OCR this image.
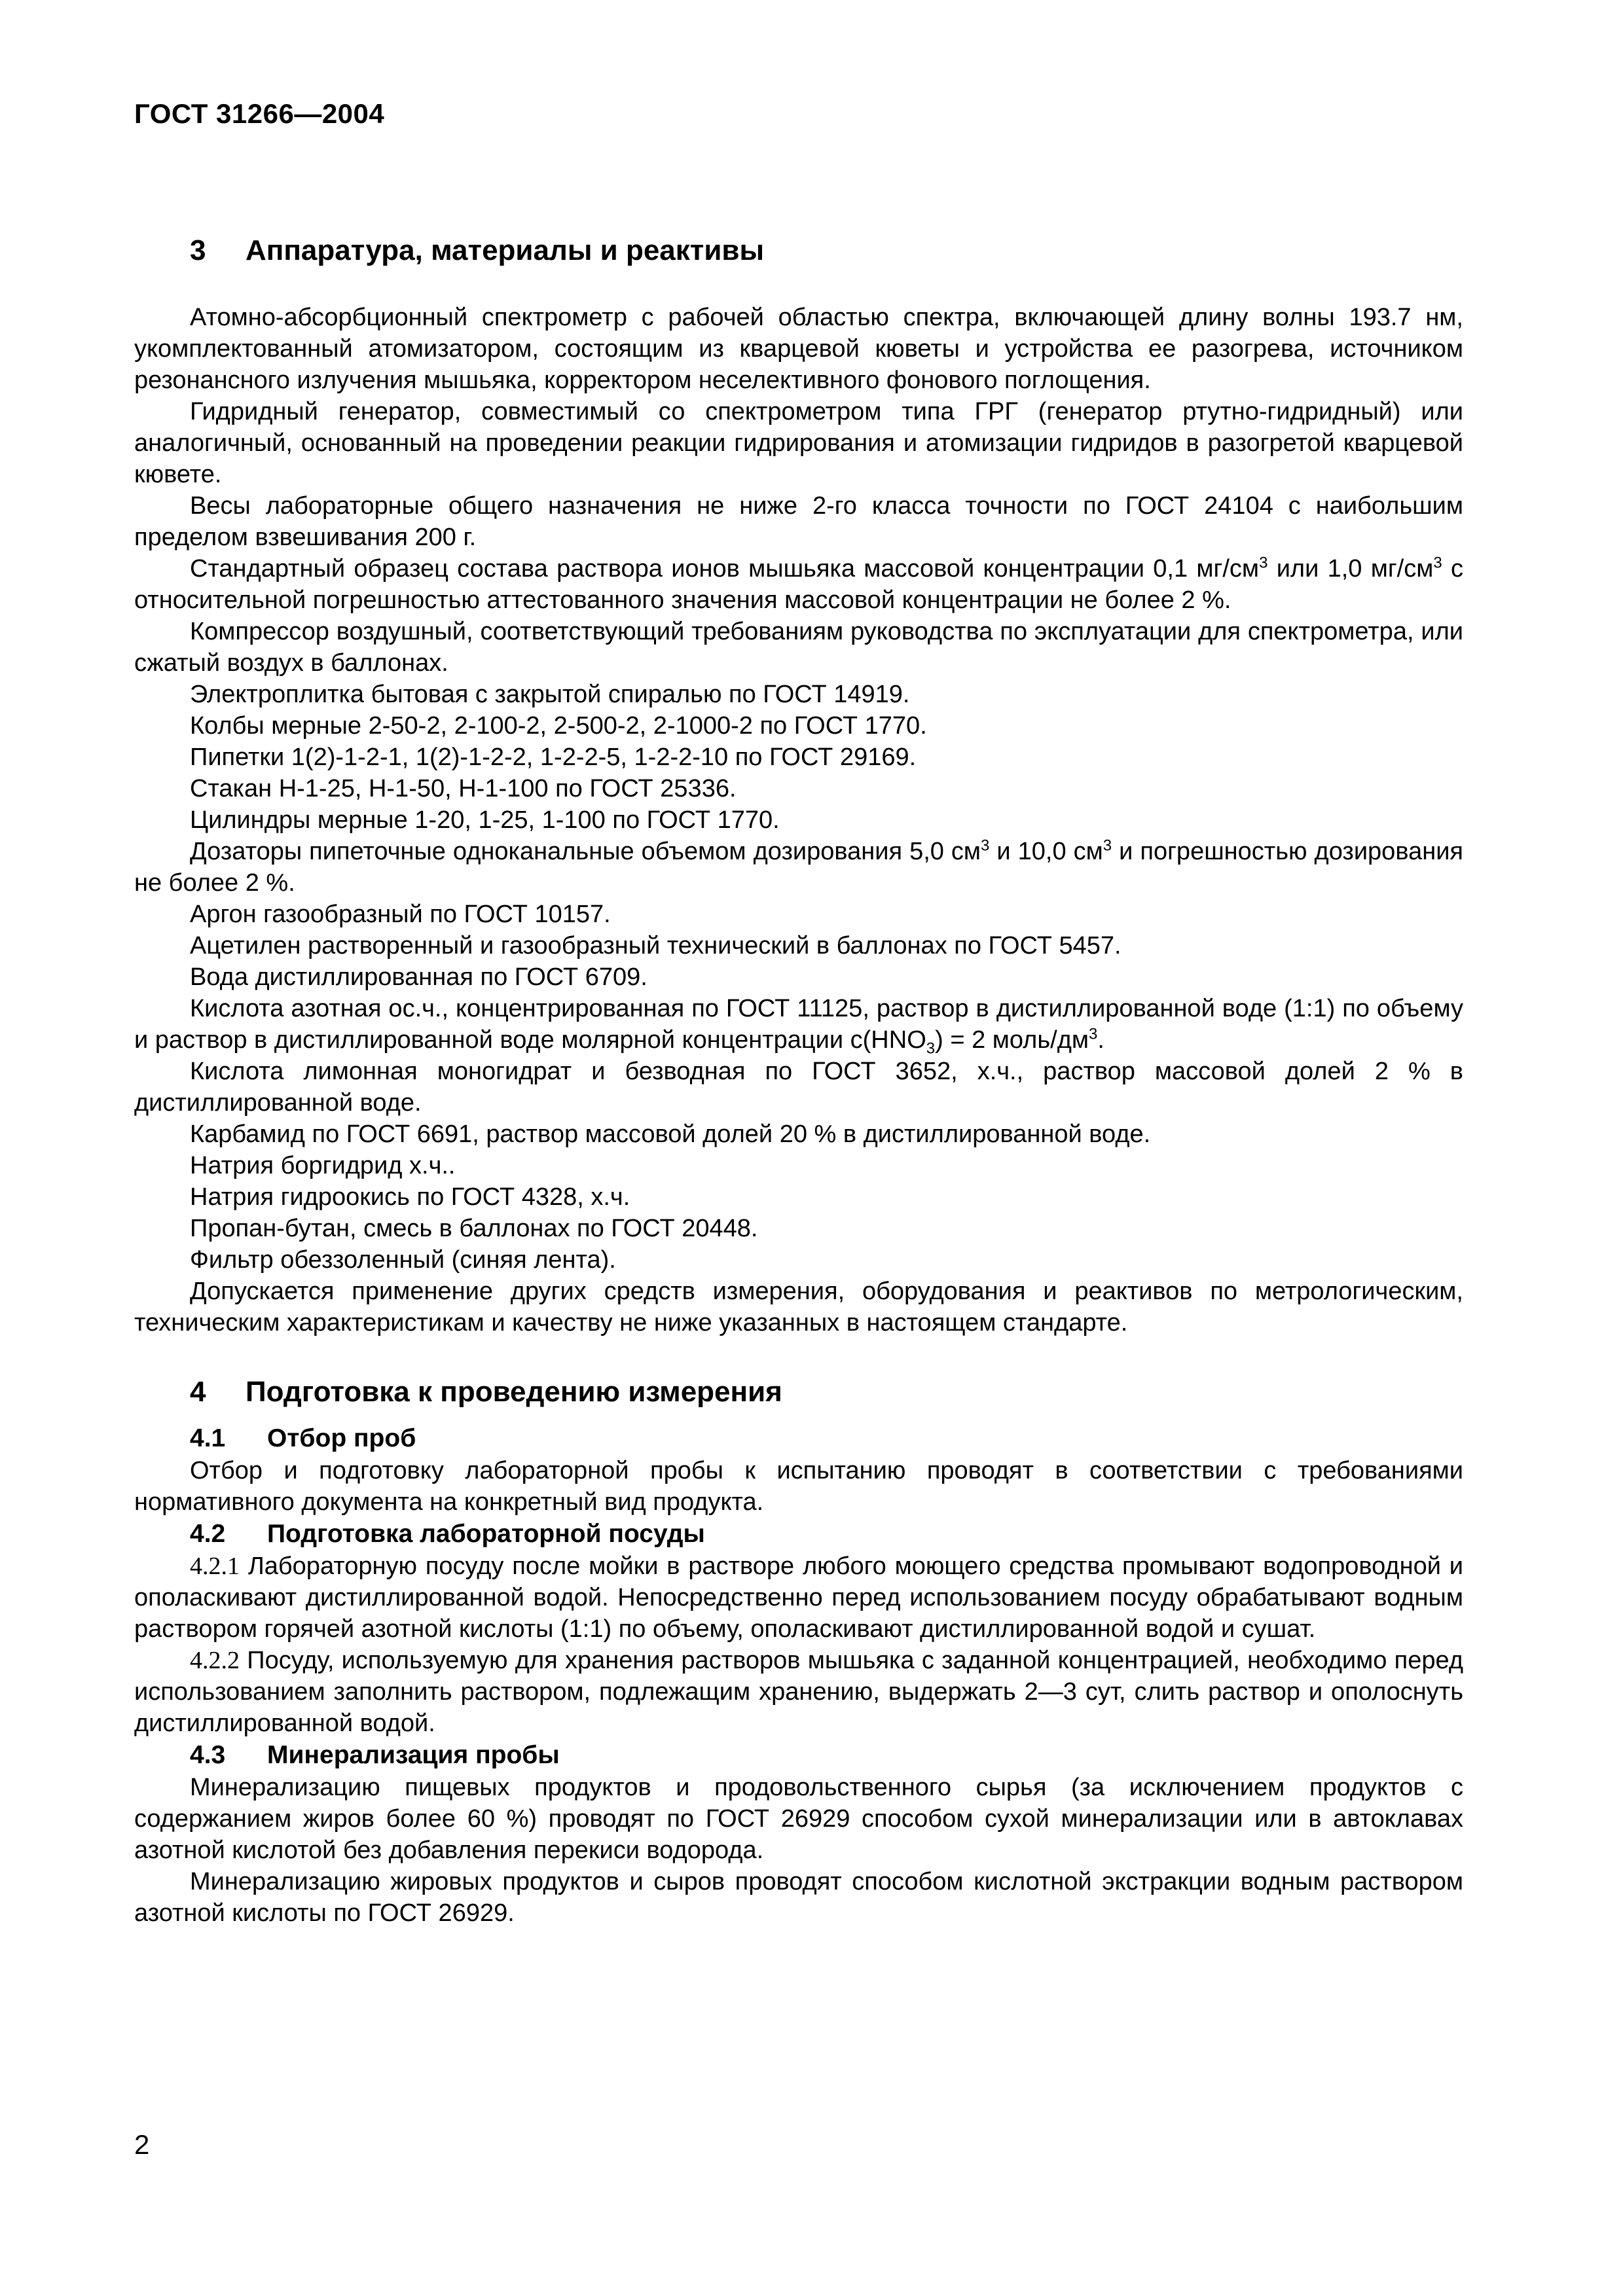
ГОСТ 31266—2004
3 Аппаратура, материалы и реактивы

Атомно-абсорбционный спектрометр с рабочей областью спектра, включающей длину волны 193.7 нм, укомплектованный атомизатором, состоящим из кварцевой кюветы и устройства ее разогрева, источником резонансного излучения мышьяка, корректором неселективного фонового поглощения.

Гидридный генератор, совместимый со спектрометром типа ГРГ (генератор ртутно-гидридный) или аналогичный, основанный на проведении реакции гидрирования и атомизации гидридов в разогретой кварцевой кювете.

Весы лабораторные общего назначения не ниже 2-го класса точности по ГОСТ 24104 с наибольшим пределом взвешивания 200 г.

Стандартный образец состава раствора ионов мышьяка массовой концентрации 0,1 $мг/см^3$ или 1,0 $мг/см^3$ с относительной погрешностью аттестованного значения массовой концентрации не более 2 %.

Компрессор воздушный, соответствующий требованиям руководства по эксплуатации для спектрометра, или сжатый воздух в баллонах.

Электроплитка бытовая с закрытой спиралью по ГОСТ 14919.

Колбы мерные 2-50-2, 2-100-2, 2-500-2, 2-1000-2 по ГОСТ 1770.

Пипетки 1(2)-1-2-1, 1(2)-1-2-2, 1-2-2-5, 1-2-2-10 по ГОСТ 29169.

Стакан Н-1-25, Н-1-50, Н-1-100 по ГОСТ 25336.

Цилиндры мерные 1-20, 1-25, 1-100 по ГОСТ 1770.

Дозаторы пипеточные одноканальные объемом дозирования 5,0 $см^3$ и 10,0 $см^3$ и погрешностью дозирования не более 2 %.

Аргон газообразный по ГОСТ 10157.

Ацетилен растворенный и газообразный технический в баллонах по ГОСТ 5457.

Вода дистиллированная по ГОСТ 6709.

Кислота азотная ос.ч., концентрированная по ГОСТ 11125, раствор в дистиллированной воде (1:1) по объему и раствор в дистиллированной воде молярной концентрации $с(HNO_3) = 2$ моль/$дм^3$.

Кислота лимонная моногидрат и безводная по ГОСТ 3652, х.ч., раствор массовой долей 2 % в дистиллированной воде.

Карбамид по ГОСТ 6691, раствор массовой долей 20 % в дистиллированной воде.

Натрия боргидрид х.ч..

Натрия гидроокись по ГОСТ 4328, х.ч.

Пропан-бутан, смесь в баллонах по ГОСТ 20448.

Фильтр обеззоленный (синяя лента).

Допускается применение других средств измерения, оборудования и реактивов по метрологическим, техническим характеристикам и качеству не ниже указанных в настоящем стандарте.

4 Подготовка к проведению измерения
4.1 Отбор проб

Отбор и подготовку лабораторной пробы к испытанию проводят в соответствии с требованиями нормативного документа на конкретный вид продукта.

4.2 Подготовка лабораторной посуды

4.2.1 Лабораторную посуду после мойки в растворе любого моющего средства промывают водопроводной и ополаскивают дистиллированной водой. Непосредственно перед использованием посуду обрабатывают водным раствором горячей азотной кислоты (1:1) по объему, ополаскивают дистиллированной водой и сушат.

4.2.2 Посуду, используемую для хранения растворов мышьяка с заданной концентрацией, необходимо перед использованием заполнить раствором, подлежащим хранению, выдержать 2—3 сут, слить раствор и ополоснуть дистиллированной водой.

4.3 Минерализация пробы

Минерализацию пищевых продуктов и продовольственного сырья (за исключением продуктов с содержанием жиров более 60 %) проводят по ГОСТ 26929 способом сухой минерализации или в автоклавах азотной кислотой без добавления перекиси водорода.

Минерализацию жировых продуктов и сыров проводят способом кислотной экстракции водным раствором азотной кислоты по ГОСТ 26929.

2
